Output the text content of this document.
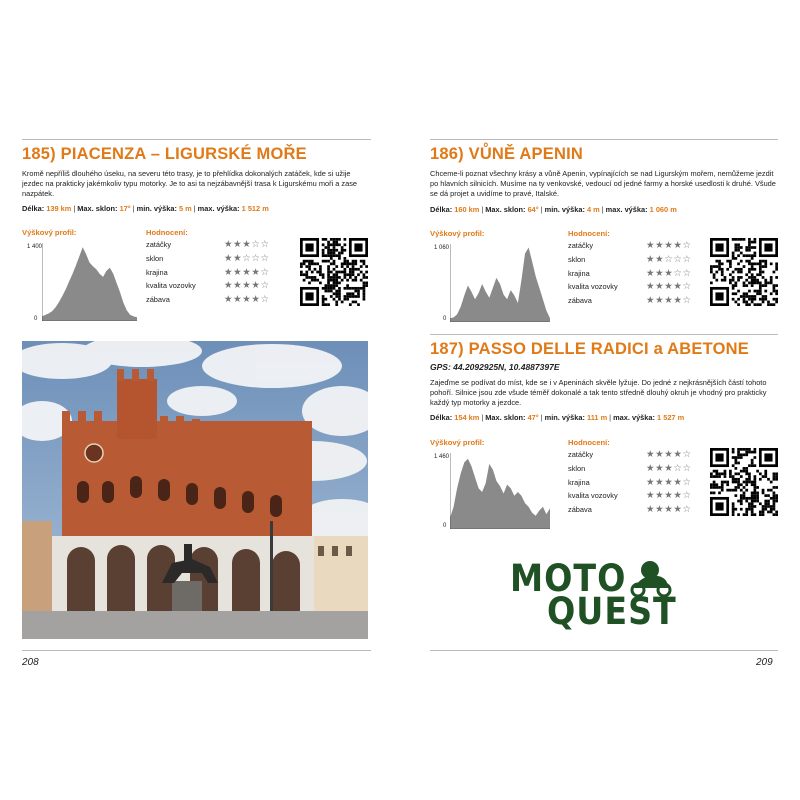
185) PIACENZA – LIGURSKÉ MOŘE
Kromě nepříliš dlouhého úseku, na severu této trasy, je to přehlídka dokonalých zatáček, kde si užije jezdec na prakticky jakémkoliv typu motorky. Je to asi ta nejzábavnější trasa k Ligurskému moři a zase nazpátek.
Délka: 139 km | Max. sklon: 17° | min. výška: 5 m | max. výška: 1 512 m
Výškový profil:
1 400
0
Hodnocení:
zatáčky	★★★☆☆
sklon	★★☆☆☆
krajina	★★★★☆
kvalita vozovky	★★★★☆
zábava	★★★★☆
208
186) VŮNĚ APENIN
Chceme-li poznat všechny krásy a vůně Apenin, vypínajících se nad Ligurským mořem, nemůžeme jezdit po hlavních silnicích. Musíme na ty venkovské, vedoucí od jedné farmy a horské usedlosti k druhé. Všude se dá projet a uvidíme to pravé, Italské.
Délka: 160 km | Max. sklon: 64° | min. výška: 4 m | max. výška: 1 060 m
Výškový profil:
1 060
0
Hodnocení:
zatáčky	★★★★☆
sklon	★★☆☆☆
krajina	★★★☆☆
kvalita vozovky	★★★★☆
zábava	★★★★☆
187) PASSO DELLE RADICI a ABETONE
GPS: 44.2092925N, 10.4887397E
Zajeďme se podívat do míst, kde se i v Apeninách skvěle lyžuje. Do jedné z nejkrásnějších částí tohoto pohoří. Silnice jsou zde všude téměř dokonalé a tak tento středně dlouhý okruh je vhodný pro prakticky každý typ motorky a jezdce.
Délka: 154 km | Max. sklon: 47° | min. výška: 111 m | max. výška: 1 527 m
Výškový profil:
1 460
0
Hodnocení:
zatáčky	★★★★☆
sklon	★★★☆☆
krajina	★★★★☆
kvalita vozovky	★★★★☆
zábava	★★★★☆
MOTO
QUEST
209
